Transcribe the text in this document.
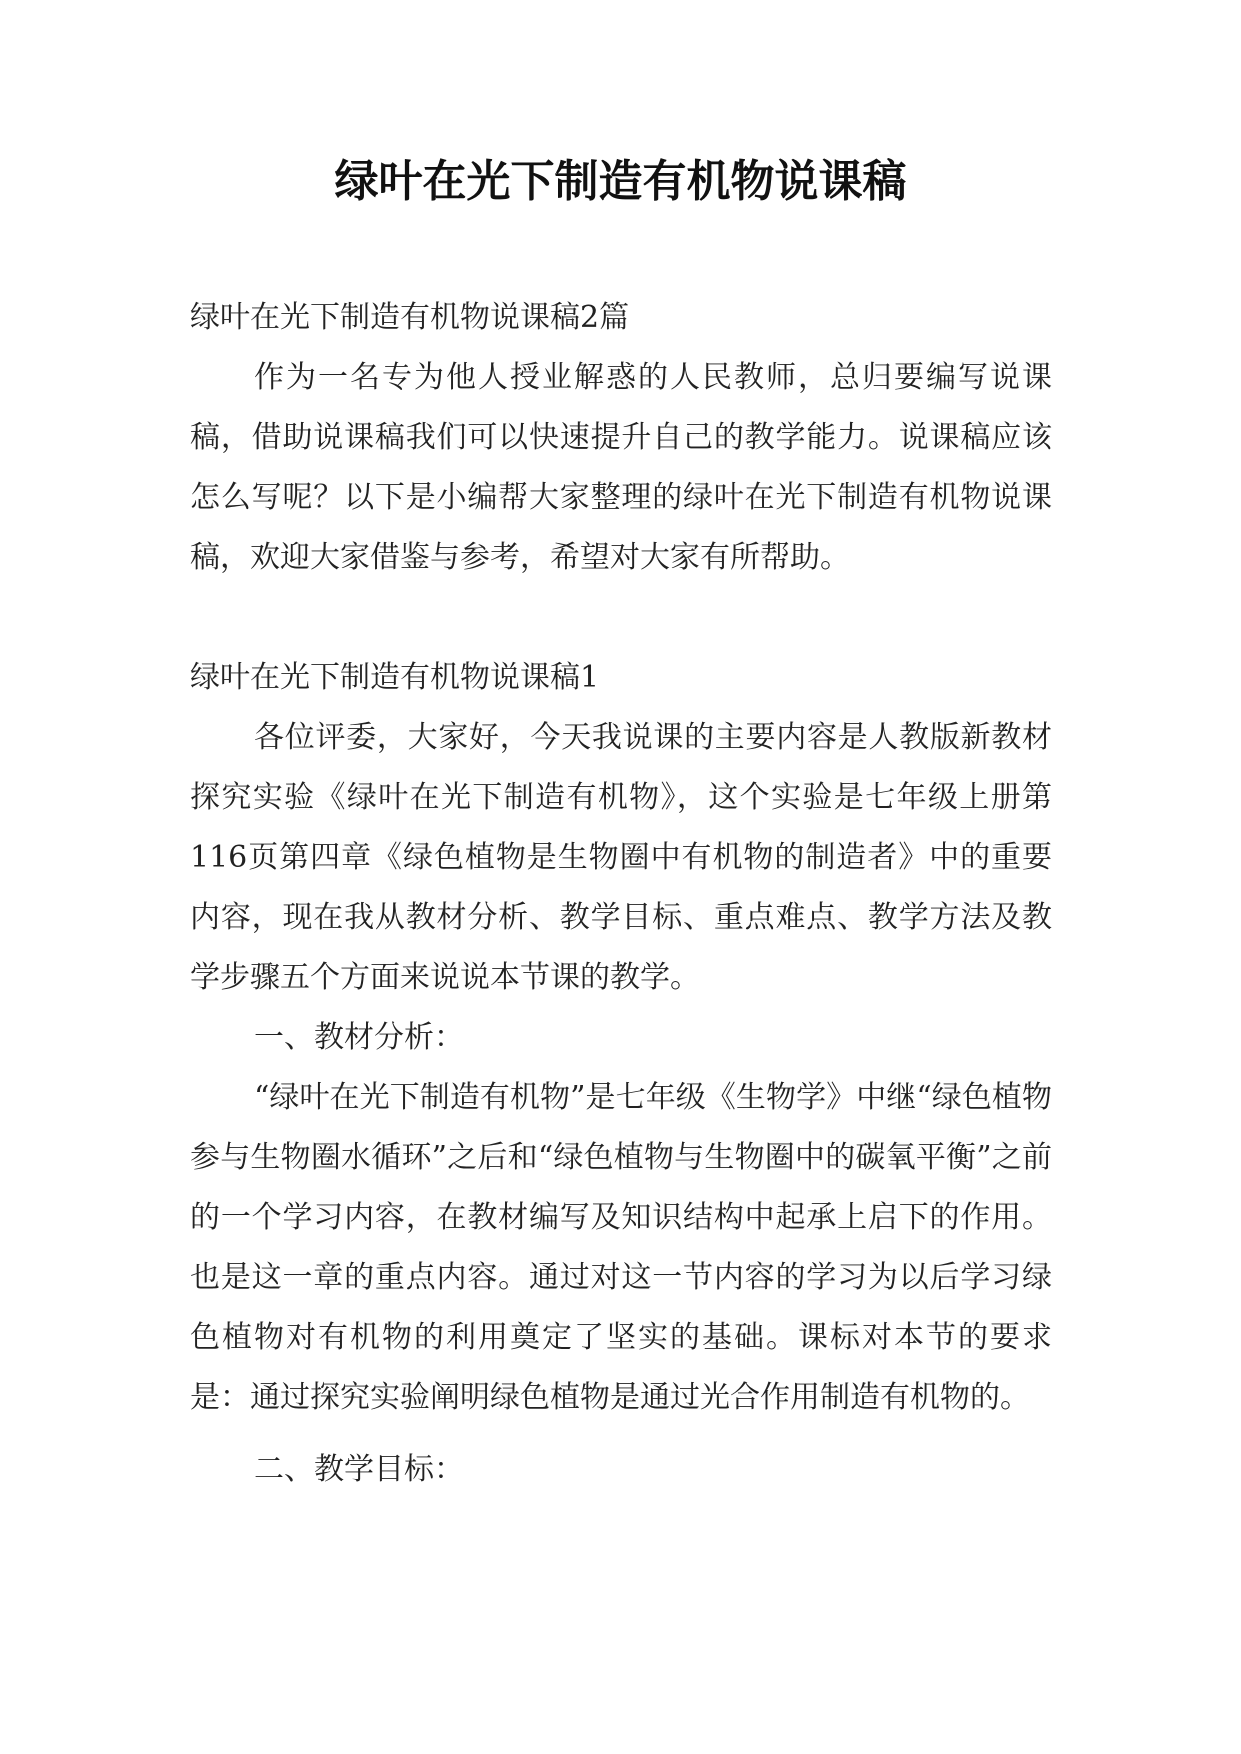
绿叶在光下制造有机物说课稿

绿叶在光下制造有机物说课稿2篇

作为一名专为他人授业解惑的人民教师，总归要编写说课稿，借助说课稿我们可以快速提升自己的教学能力。说课稿应该怎么写呢？以下是小编帮大家整理的绿叶在光下制造有机物说课稿，欢迎大家借鉴与参考，希望对大家有所帮助。

绿叶在光下制造有机物说课稿1

各位评委，大家好，今天我说课的主要内容是人教版新教材探究实验《绿叶在光下制造有机物》，这个实验是七年级上册第116页第四章《绿色植物是生物圈中有机物的制造者》中的重要内容，现在我从教材分析、教学目标、重点难点、教学方法及教学步骤五个方面来说说本节课的教学。

一、教材分析：

“绿叶在光下制造有机物”是七年级《生物学》中继“绿色植物参与生物圈水循环”之后和“绿色植物与生物圈中的碳氧平衡”之前的一个学习内容，在教材编写及知识结构中起承上启下的作用。也是这一章的重点内容。通过对这一节内容的学习为以后学习绿色植物对有机物的利用奠定了坚实的基础。课标对本节的要求是：通过探究实验阐明绿色植物是通过光合作用制造有机物的。

二、教学目标：
